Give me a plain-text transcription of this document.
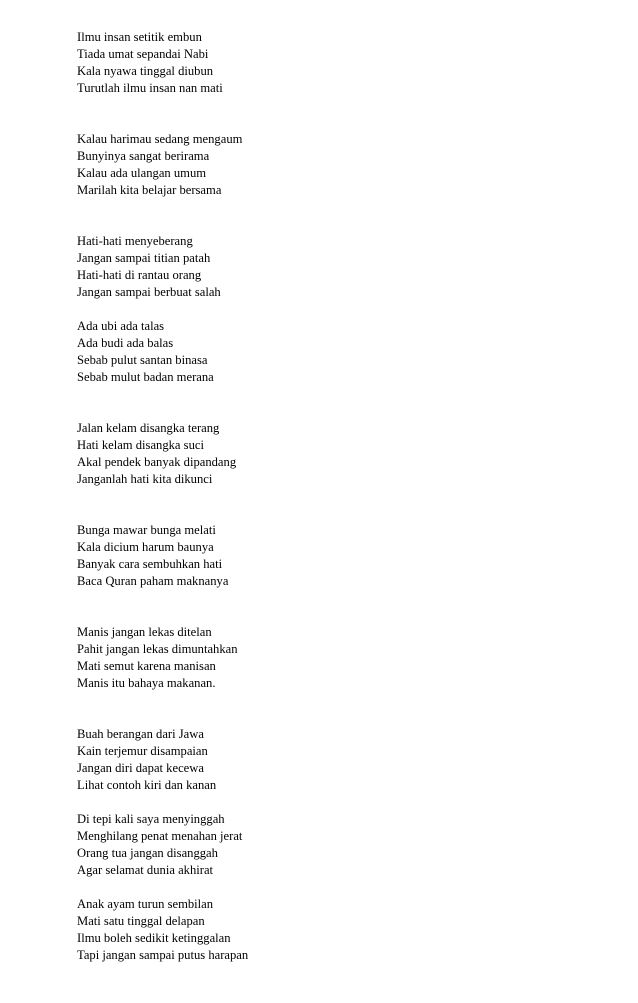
Ilmu insan setitik embun
Tiada umat sepandai Nabi
Kala nyawa tinggal diubun
Turutlah ilmu insan nan mati
Kalau harimau sedang mengaum
Bunyinya sangat berirama
Kalau ada ulangan umum
Marilah kita belajar bersama
Hati-hati menyeberang
Jangan sampai titian patah
Hati-hati di rantau orang
Jangan sampai berbuat salah
Ada ubi ada talas
Ada budi ada balas
Sebab pulut santan binasa
Sebab mulut badan merana
Jalan kelam disangka terang
Hati kelam disangka suci
Akal pendek banyak dipandang
Janganlah hati kita dikunci
Bunga mawar bunga melati
Kala dicium harum baunya
Banyak cara sembuhkan hati
Baca Quran paham maknanya
Manis jangan lekas ditelan
Pahit jangan lekas dimuntahkan
Mati semut karena manisan
Manis itu bahaya makanan.
Buah berangan dari Jawa
Kain terjemur disampaian
Jangan diri dapat kecewa
Lihat contoh kiri dan kanan
Di tepi kali saya menyinggah
Menghilang penat menahan jerat
Orang tua jangan disanggah
Agar selamat dunia akhirat
Anak ayam turun sembilan
Mati satu tinggal delapan
Ilmu boleh sedikit ketinggalan
Tapi jangan sampai putus harapan
